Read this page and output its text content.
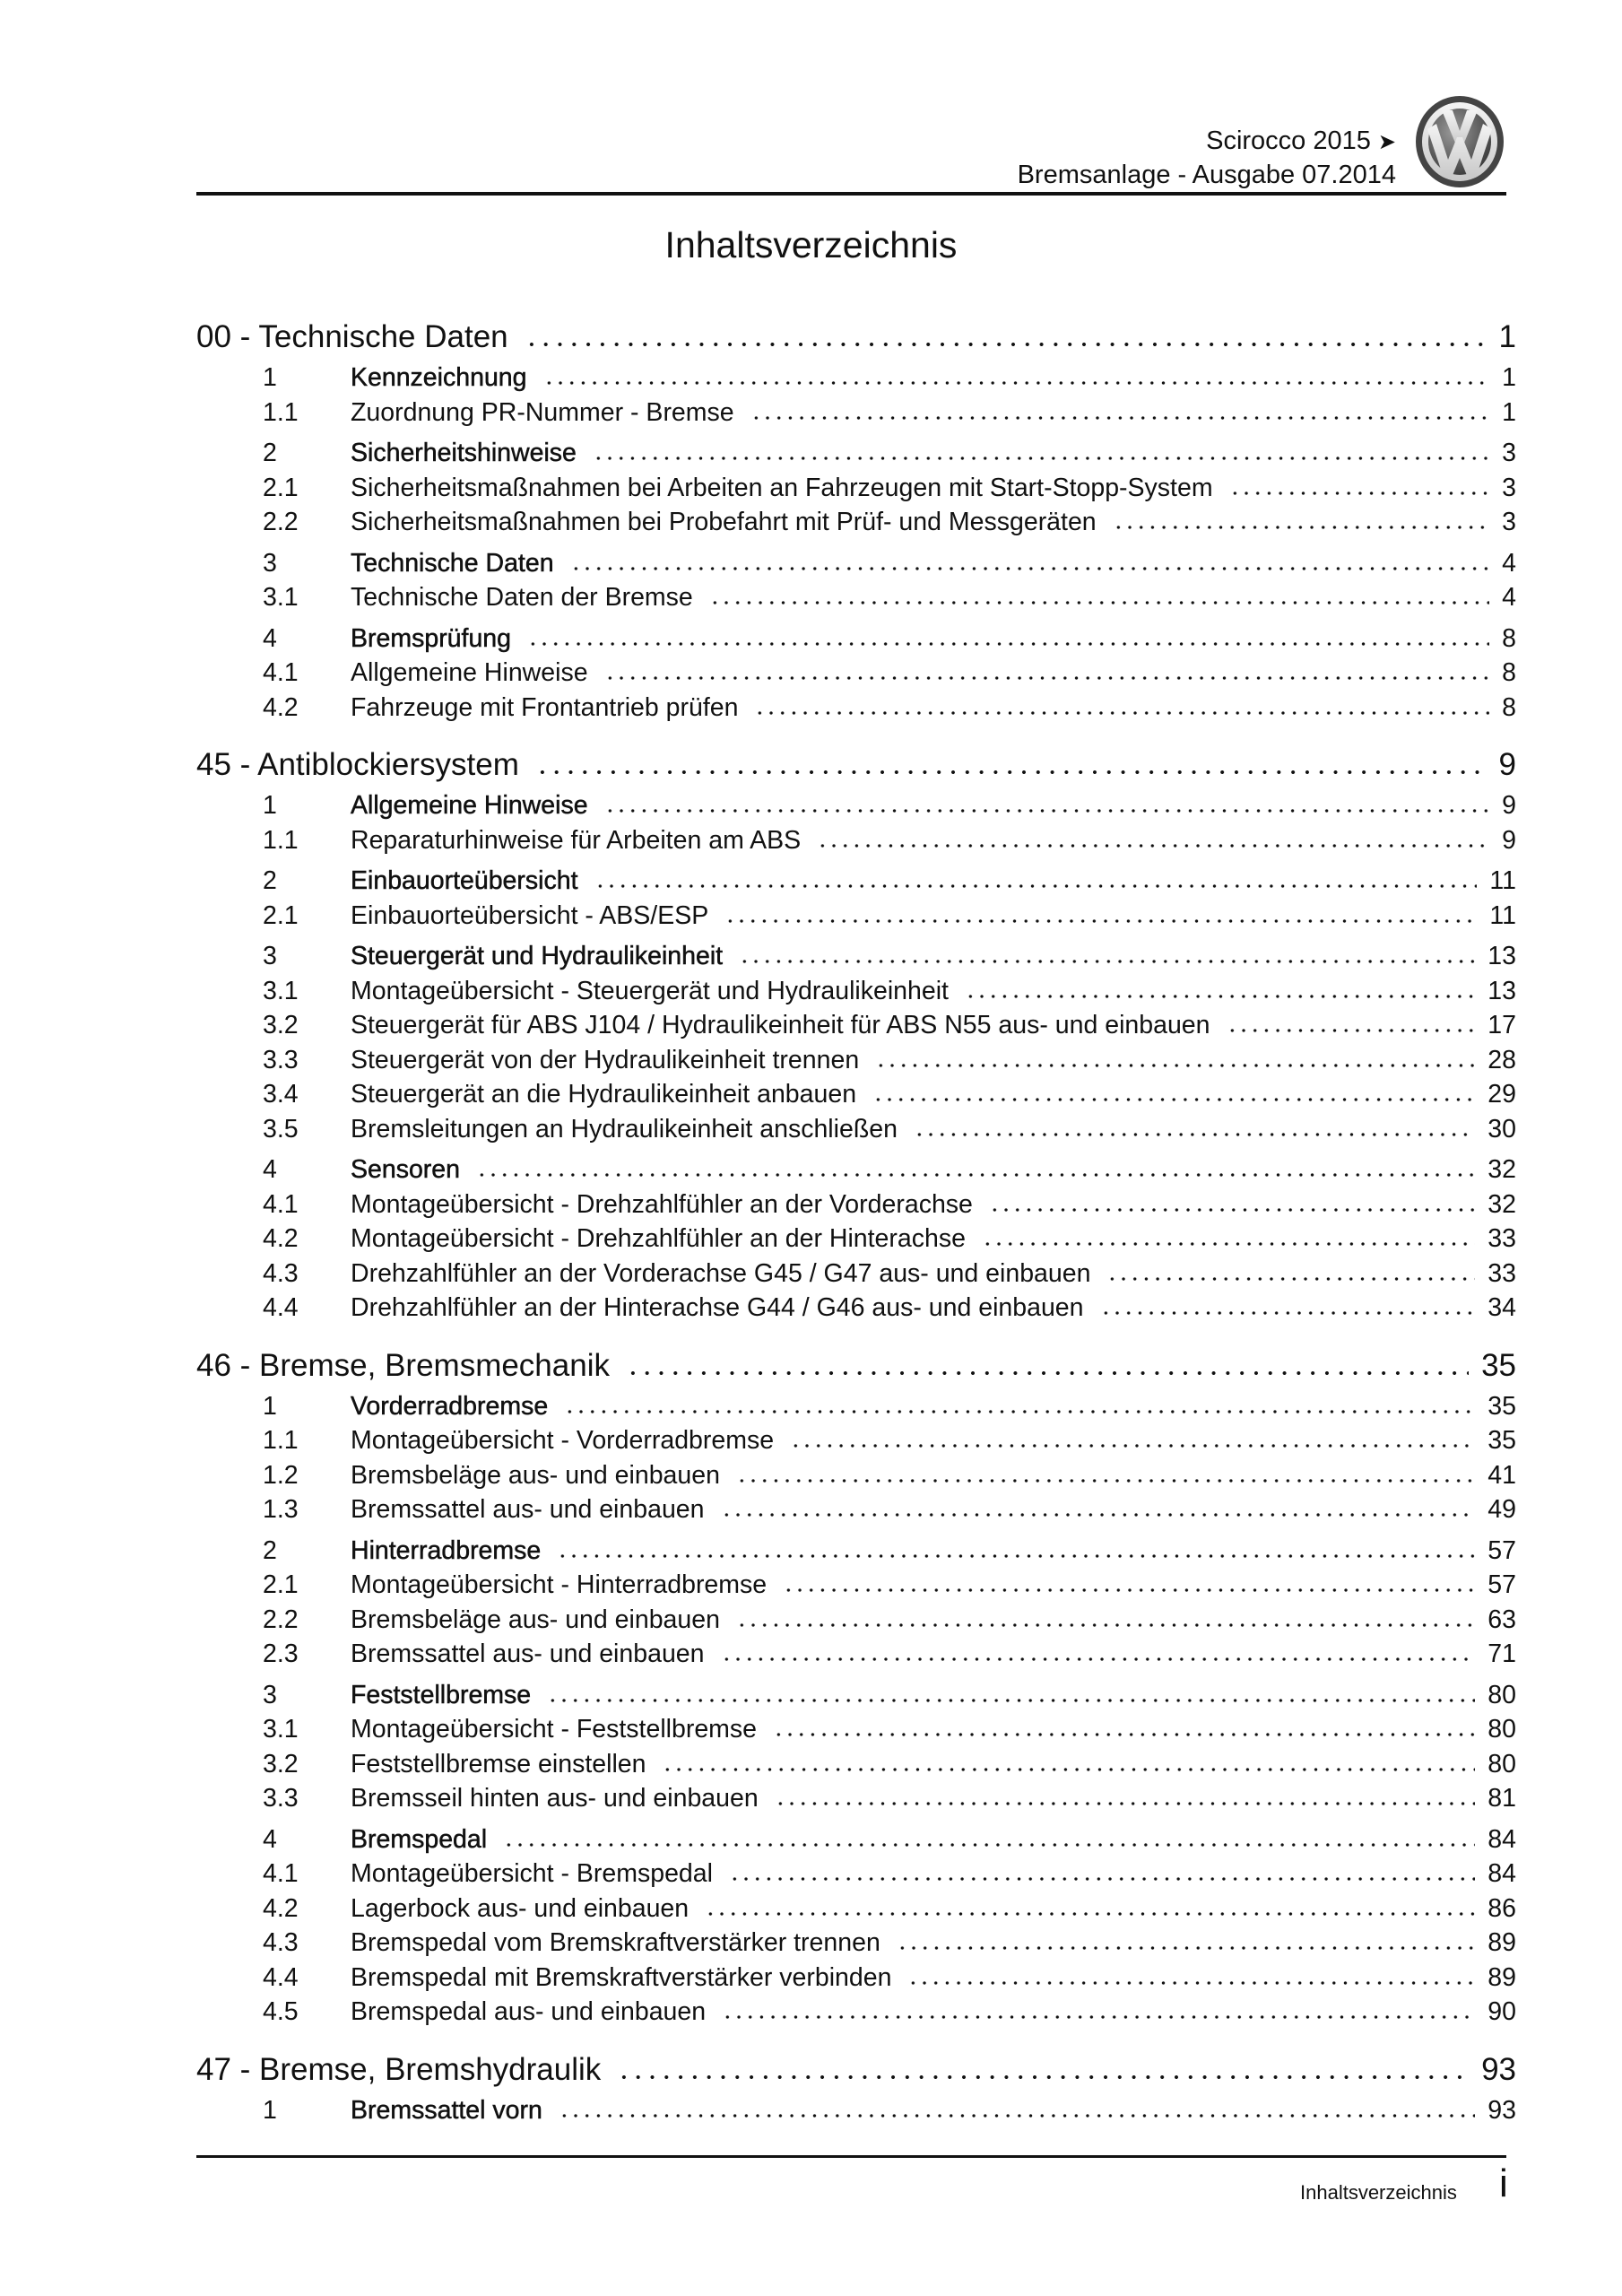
Scirocco 2015 ➤
Bremsanlage - Ausgabe 07.2014
Inhaltsverzeichnis
00 - Technische Daten	1
1	Kennzeichnung	1
1.1	Zuordnung PR-Nummer - Bremse	1
2	Sicherheitshinweise	3
2.1	Sicherheitsmaßnahmen bei Arbeiten an Fahrzeugen mit Start-Stopp-System	3
2.2	Sicherheitsmaßnahmen bei Probefahrt mit Prüf- und Messgeräten	3
3	Technische Daten	4
3.1	Technische Daten der Bremse	4
4	Bremsprüfung	8
4.1	Allgemeine Hinweise	8
4.2	Fahrzeuge mit Frontantrieb prüfen	8
45 - Antiblockiersystem	9
1	Allgemeine Hinweise	9
1.1	Reparaturhinweise für Arbeiten am ABS	9
2	Einbauorteübersicht	11
2.1	Einbauorteübersicht - ABS/ESP	11
3	Steuergerät und Hydraulikeinheit	13
3.1	Montageübersicht - Steuergerät und Hydraulikeinheit	13
3.2	Steuergerät für ABS J104 / Hydraulikeinheit für ABS N55 aus- und einbauen	17
3.3	Steuergerät von der Hydraulikeinheit trennen	28
3.4	Steuergerät an die Hydraulikeinheit anbauen	29
3.5	Bremsleitungen an Hydraulikeinheit anschließen	30
4	Sensoren	32
4.1	Montageübersicht - Drehzahlfühler an der Vorderachse	32
4.2	Montageübersicht - Drehzahlfühler an der Hinterachse	33
4.3	Drehzahlfühler an der Vorderachse G45 / G47 aus- und einbauen	33
4.4	Drehzahlfühler an der Hinterachse G44 / G46 aus- und einbauen	34
46 - Bremse, Bremsmechanik	35
1	Vorderradbremse	35
1.1	Montageübersicht - Vorderradbremse	35
1.2	Bremsbeläge aus- und einbauen	41
1.3	Bremssattel aus- und einbauen	49
2	Hinterradbremse	57
2.1	Montageübersicht - Hinterradbremse	57
2.2	Bremsbeläge aus- und einbauen	63
2.3	Bremssattel aus- und einbauen	71
3	Feststellbremse	80
3.1	Montageübersicht - Feststellbremse	80
3.2	Feststellbremse einstellen	80
3.3	Bremsseil hinten aus- und einbauen	81
4	Bremspedal	84
4.1	Montageübersicht - Bremspedal	84
4.2	Lagerbock aus- und einbauen	86
4.3	Bremspedal vom Bremskraftverstärker trennen	89
4.4	Bremspedal mit Bremskraftverstärker verbinden	89
4.5	Bremspedal aus- und einbauen	90
47 - Bremse, Bremshydraulik	93
1	Bremssattel vorn	93
Inhaltsverzeichnis i
